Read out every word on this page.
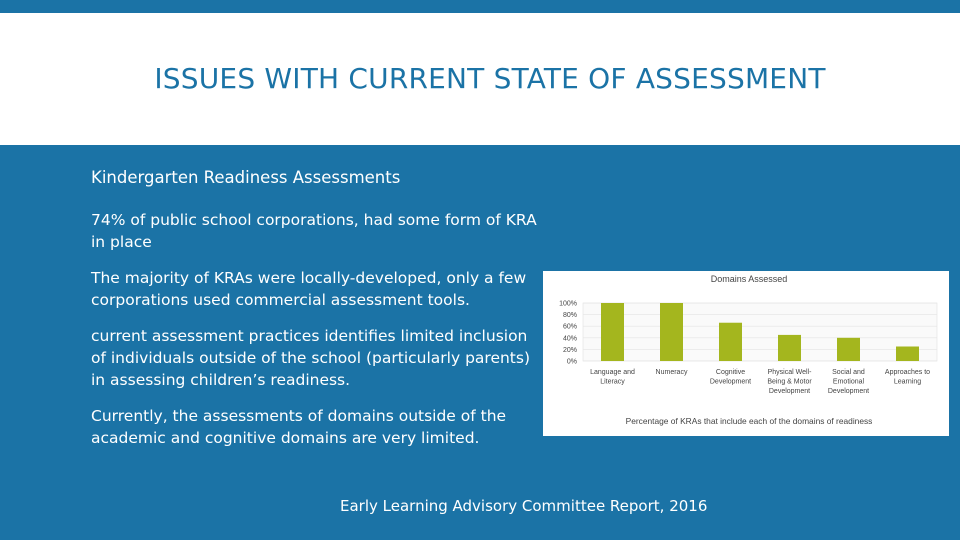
ISSUES WITH CURRENT STATE OF ASSESSMENT
Kindergarten Readiness Assessments
74% of public school corporations, had some form of KRA in place
The majority of KRAs were locally-developed, only a few corporations used commercial assessment tools.
current assessment practices identifies limited inclusion of individuals outside of the school (particularly parents) in assessing children’s readiness.
Currently, the assessments of domains outside of the academic and cognitive domains are very limited.
Domains Assessed
100%
80%
60%
40%
20%
0%
Language and Literacy
Numeracy	Cognitive Development
Physical Well-Being & Motor Development
Social and Emotional Development
Approaches to Learning
Percentage of KRAs that include each of the domains of readiness
Early Learning Advisory Committee Report, 2016
